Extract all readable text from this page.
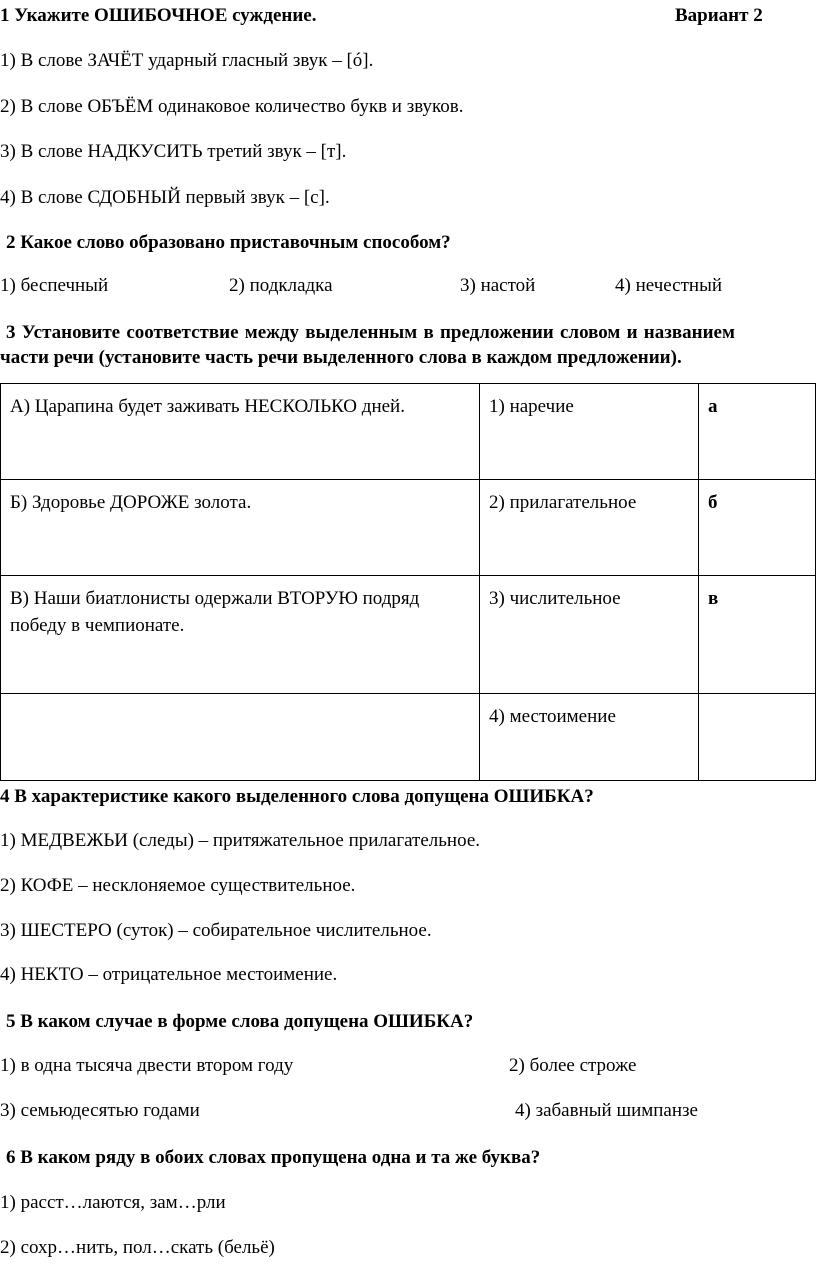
1 Укажите ОШИБОЧНОЕ суждение.	Вариант 2
1) В слове ЗАЧЁТ ударный гласный звук – [ó].
2) В слове ОБЪЁМ одинаковое количество букв и звуков.
3) В слове НАДКУСИТЬ третий звук – [т].
4) В слове СДОБНЫЙ первый звук – [с].
2 Какое слово образовано приставочным способом?
1) беспечный	2) подкладка	3) настой	4) нечестный
3 Установите соответствие между выделенным в предложении словом и названием
части речи (установите часть речи выделенного слова в каждом предложении).
А) Царапина будет заживать НЕСКОЛЬКО дней.	1) наречие	а
Б) Здоровье ДОРОЖЕ золота.	2) прилагательное	б
В) Наши биатлонисты одержали ВТОРУЮ подряд победу в чемпионате.	3) числительное	в
	4) местоимение	
4 В характеристике какого выделенного слова допущена ОШИБКА?
1) МЕДВЕЖЬИ (следы) – притяжательное прилагательное.
2) КОФЕ – несклоняемое существительное.
3) ШЕСТЕРО (суток) – собирательное числительное.
4) НЕКТО – отрицательное местоимение.
5 В каком случае в форме слова допущена ОШИБКА?
1) в одна тысяча двести втором году	2) более строже
3) семьюдесятью годами	4) забавный шимпанзе
6 В каком ряду в обоих словах пропущена одна и та же буква?
1) расст…лаются, зам…рли
2) сохр…нить, пол…скать (бельё)
